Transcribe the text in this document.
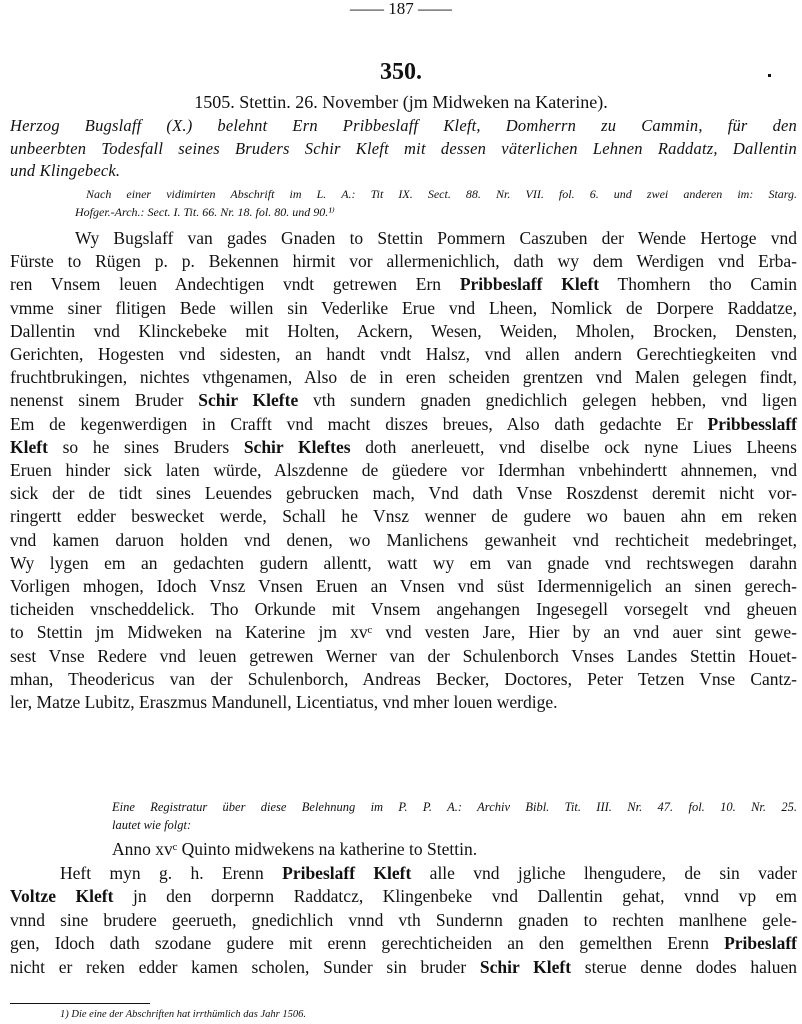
—— 187 ——
350.
1505. Stettin. 26. November (jm Midweken na Katerine).
Herzog Bugslaff (X.) belehnt Ern Pribbeslaff Kleft, Domherrn zu Cammin, für den
unbeerbten Todesfall seines Bruders Schir Kleft mit dessen väterlichen Lehnen Raddatz, Dallentin
und Klingebeck.
Nach einer vidimirten Abschrift im L. A.: Tit IX. Sect. 88. Nr. VII. fol. 6. und zwei anderen im: Starg.
Hofger.-Arch.: Sect. I. Tit. 66. Nr. 18. fol. 80. und 90.¹⁾
Wy Bugslaff van gades Gnaden to Stettin Pommern Caszuben der Wende Hertoge vnd
Fürste to Rügen p. p. Bekennen hirmit vor allermenichlich, dath wy dem Werdigen vnd Erba-
ren Vnsem leuen Andechtigen vndt getrewen Ern Pribbeslaff Kleft Thomhern tho Camin
vmme siner flitigen Bede willen sin Vederlike Erue vnd Lheen, Nomlick de Dorpere Raddatze,
Dallentin vnd Klinckebeke mit Holten, Ackern, Wesen, Weiden, Mholen, Brocken, Densten,
Gerichten, Hogesten vnd sidesten, an handt vndt Halsz, vnd allen andern Gerechtiegkeiten vnd
fruchtbrukingen, nichtes vthgenamen, Also de in eren scheiden grentzen vnd Malen gelegen findt,
nenenst sinem Bruder Schir Klefte vth sundern gnaden gnedichlich gelegen hebben, vnd ligen
Em de kegenwerdigen in Crafft vnd macht diszes breues, Also dath gedachte Er Pribbesslaff
Kleft so he sines Bruders Schir Kleftes doth anerleuett, vnd diselbe ock nyne Liues Lheens
Eruen hinder sick laten würde, Alszdenne de güedere vor Idermhan vnbehindertt ahnnemen, vnd
sick der de tidt sines Leuendes gebrucken mach, Vnd dath Vnse Roszdenst deremit nicht vor-
ringertt edder beswecket werde, Schall he Vnsz wenner de gudere wo bauen ahn em reken
vnd kamen daruon holden vnd denen, wo Manlichens gewanheit vnd rechticheit medebringet,
Wy lygen em an gedachten gudern allentt, watt wy em van gnade vnd rechtswegen darahn
Vorligen mhogen, Idoch Vnsz Vnsen Eruen an Vnsen vnd süst Idermennigelich an sinen gerech-
ticheiden vnscheddelick. Tho Orkunde mit Vnsem angehangen Ingesegell vorsegelt vnd gheuen
to Stettin jm Midweken na Katerine jm xvᶜ vnd vesten Jare, Hier by an vnd auer sint gewe-
sest Vnse Redere vnd leuen getrewen Werner van der Schulenborch Vnses Landes Stettin Houet-
mhan, Theodericus van der Schulenborch, Andreas Becker, Doctores, Peter Tetzen Vnse Cantz-
ler, Matze Lubitz, Eraszmus Mandunell, Licentiatus, vnd mher louen werdige.
Eine Registratur über diese Belehnung im P. P. A.: Archiv Bibl. Tit. III. Nr. 47. fol. 10. Nr. 25.
lautet wie folgt:
Anno xvᶜ Quinto midwekens na katherine to Stettin.
Heft myn g. h. Erenn Pribeslaff Kleft alle vnd jgliche lhengudere, de sin vader
Voltze Kleft jn den dorpernn Raddatcz, Klingenbeke vnd Dallentin gehat, vnnd vp em
vnnd sine brudere geerueth, gnedichlich vnnd vth Sundernn gnaden to rechten manlhene gele-
gen, Idoch dath szodane gudere mit erenn gerechticheiden an den gemelthen Erenn Pribeslaff
nicht er reken edder kamen scholen, Sunder sin bruder Schir Kleft sterue denne dodes haluen
1) Die eine der Abschriften hat irrthümlich das Jahr 1506.
